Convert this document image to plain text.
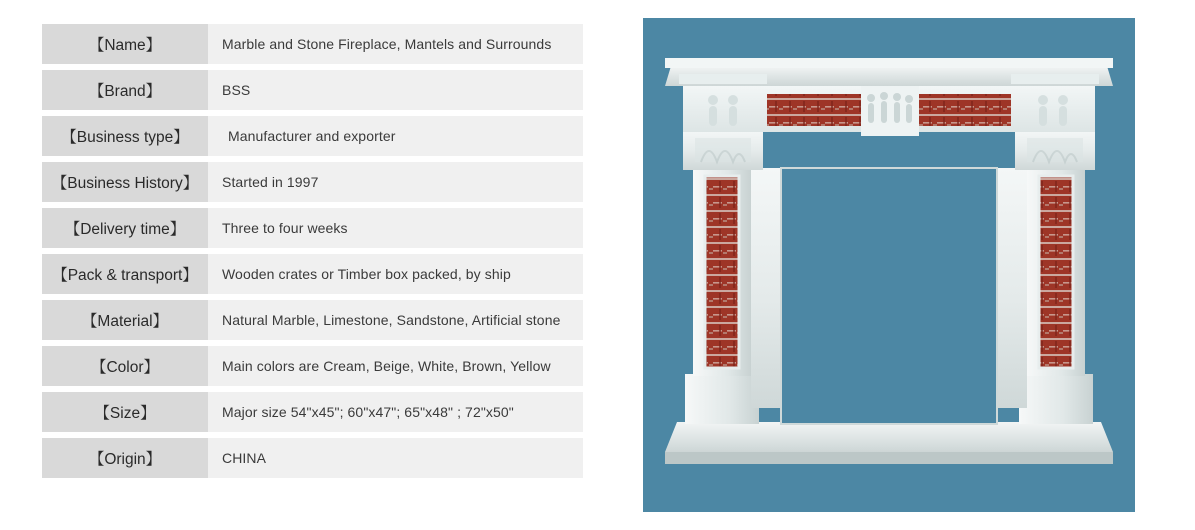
【Name】	Marble and Stone Fireplace, Mantels and Surrounds
【Brand】	BSS
【Business type】	Manufacturer and exporter
【Business History】	Started in 1997
【Delivery time】	Three to four weeks
【Pack & transport】	Wooden crates or Timber box packed, by ship
【Material】	Natural Marble, Limestone, Sandstone, Artificial stone
【Color】	Main colors are Cream, Beige, White, Brown, Yellow
【Size】	Major size 54"x45"; 60"x47"; 65"x48" ; 72"x50"
【Origin】	CHINA
